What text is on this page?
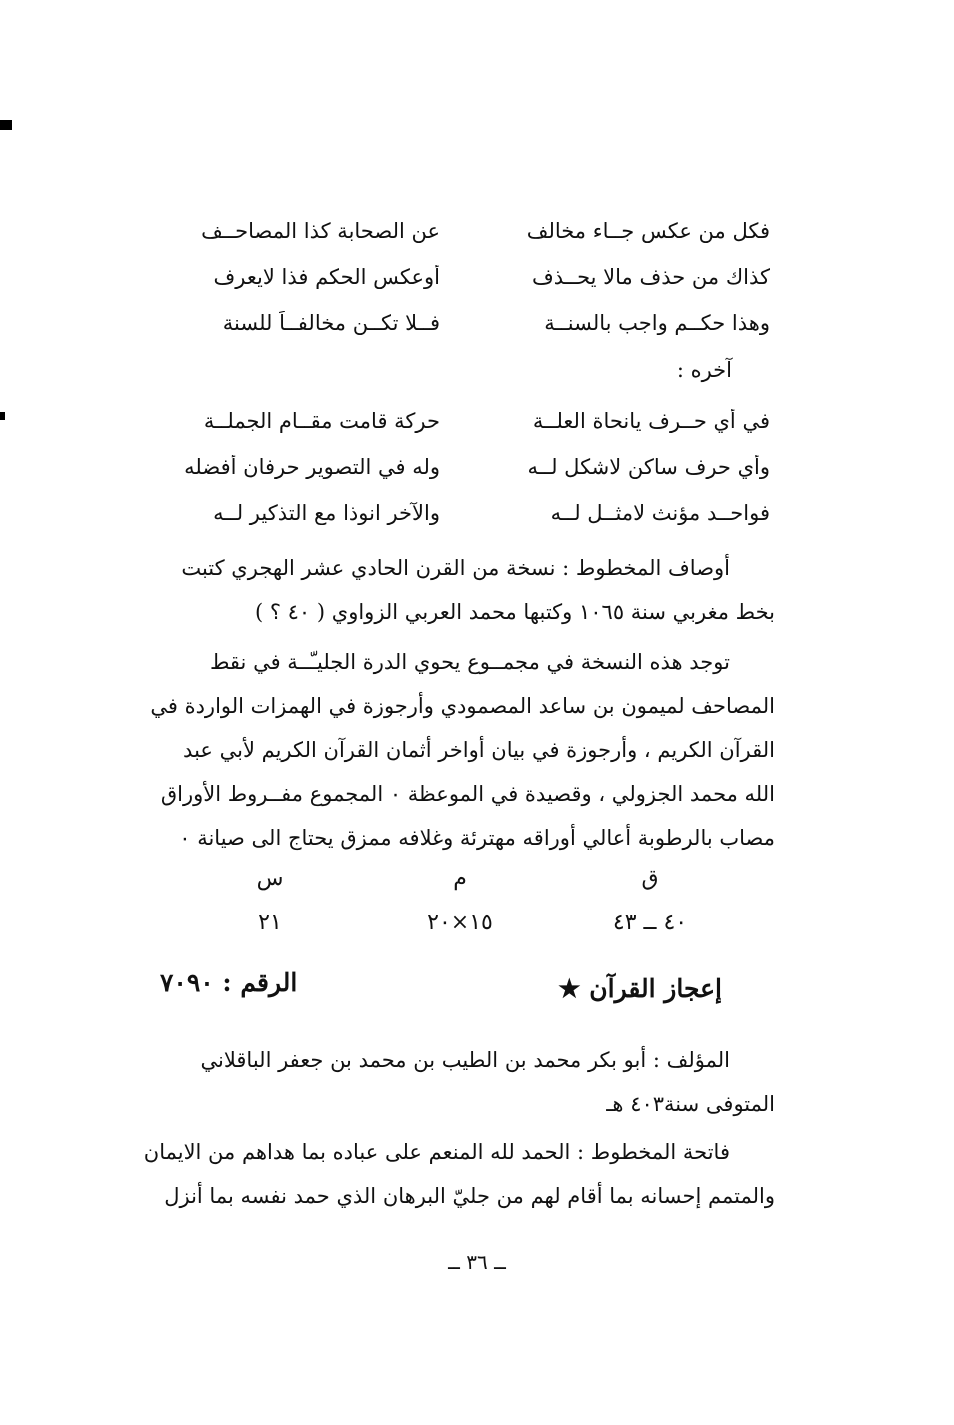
فكل من عكس جــاء مخالف
عن الصحابة كذا المصاحــف
كذاك من حذف مالا يحــذف
أوعكس الحكم فذا لايعرف
وهذا حكــم واجب بالسنــة
فــلا تكــن مخالفــاً للسنة
آخره :
في أي حــرف يانحاة العلــة
حركة قامت مقــام الجملــة
وأي حرف ساكن لاشكل لــه
وله في التصوير حرفان أفضله
فواحــد مؤنث لامثــل لــه
والآخر انوذا مع التذكير لــه
أوصاف المخطوط : نسخة من القرن الحادي عشر الهجري كتبت
بخط مغربي سنة ١٠٦٥ وكتبها محمد العربي الزواوي ( ٤٠ ؟ )
توجد هذه النسخة في مجمــوع يحوي الدرة الجليـّــة في نقط
المصاحف لميمون بن ساعد المصمودي وأرجوزة في الهمزات الواردة في
القرآن الكريم ، وأرجوزة في بيان أواخر أثمان القرآن الكريم لأبي عبد
الله محمد الجزولي ، وقصيدة في الموعظة ٠ المجموع مفــروط الأوراق
مصاب بالرطوبة أعالي أوراقه مهترئة وغلافه ممزق يحتاج الى صيانة ٠
ق
م
س
٤٠ ــ ٤٣
١٥×٢٠
٢١
إعجاز القرآن ★
الرقم : ٧٠٩٠
المؤلف : أبو بكر محمد بن الطيب بن محمد بن جعفر الباقلاني
المتوفى سنة٤٠٣ هـ
فاتحة المخطوط : الحمد لله المنعم على عباده بما هداهم من الايمان
والمتمم إحسانه بما أقام لهم من جليّ البرهان الذي حمد نفسه بما أنزل
ــ ٣٦ ــ
